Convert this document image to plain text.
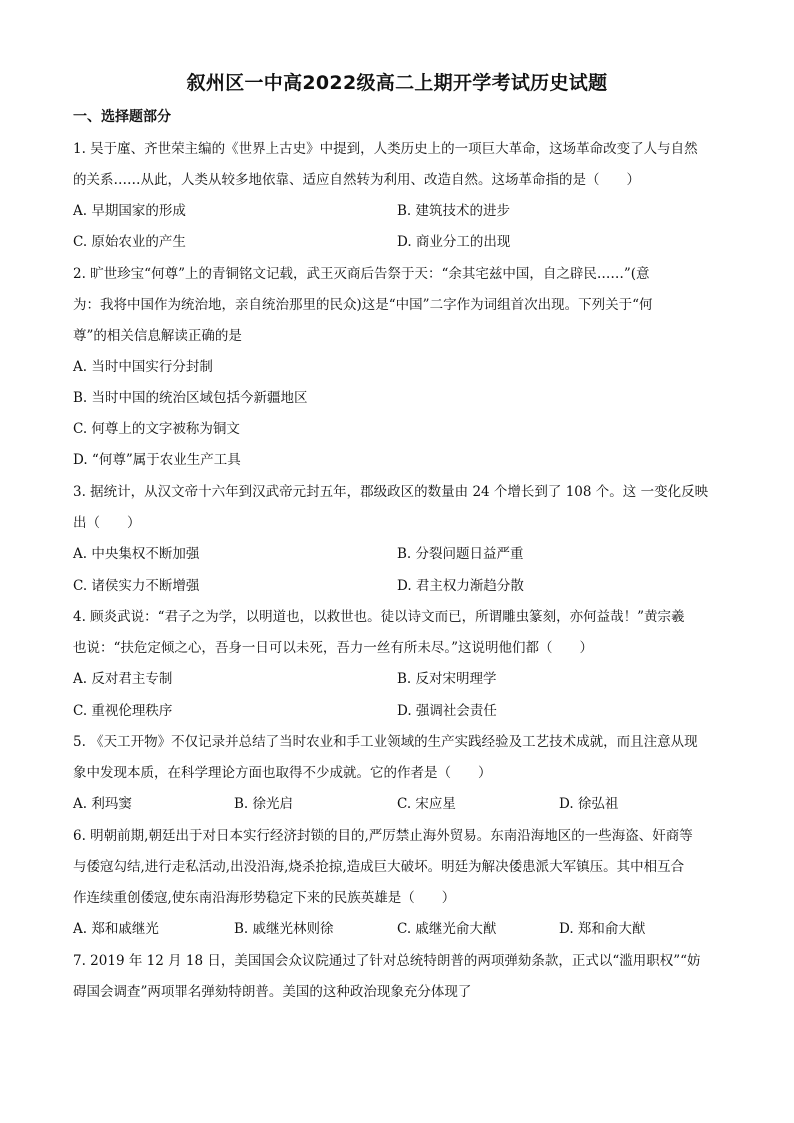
叙州区一中高2022级高二上期开学考试历史试题
一、选择题部分
1. 吴于廑、齐世荣主编的《世界上古史》中提到，人类历史上的一项巨大革命，这场革命改变了人与自然
的关系……从此，人类从较多地依靠、适应自然转为利用、改造自然。这场革命指的是（　　）
A. 早期国家的形成	B. 建筑技术的进步
C. 原始农业的产生	D. 商业分工的出现
2. 旷世珍宝“何尊”上的青铜铭文记载，武王灭商后告祭于天：“余其宅兹中国，自之辟民……”(意
为：我将中国作为统治地，亲自统治那里的民众)这是“中国”二字作为词组首次出现。下列关于“何
尊”的相关信息解读正确的是
A. 当时中国实行分封制
B. 当时中国的统治区域包括今新疆地区
C. 何尊上的文字被称为铜文
D. “何尊”属于农业生产工具
3. 据统计，从汉文帝十六年到汉武帝元封五年，郡级政区的数量由 24 个增长到了 108 个。这 一变化反映
出（　　）
A. 中央集权不断加强	B. 分裂问题日益严重
C. 诸侯实力不断增强	D. 君主权力渐趋分散
4. 顾炎武说：“君子之为学，以明道也，以救世也。徒以诗文而已，所谓雕虫篆刻，亦何益哉！”黄宗羲
也说：“扶危定倾之心，吾身一日可以未死，吾力一丝有所未尽。”这说明他们都（　　）
A. 反对君主专制	B. 反对宋明理学
C. 重视伦理秩序	D. 强调社会责任
5. 《天工开物》不仅记录并总结了当时农业和手工业领域的生产实践经验及工艺技术成就，而且注意从现
象中发现本质，在科学理论方面也取得不少成就。它的作者是（　　）
A. 利玛窦	B. 徐光启	C. 宋应星	D. 徐弘祖
6. 明朝前期,朝廷出于对日本实行经济封锁的目的,严厉禁止海外贸易。东南沿海地区的一些海盗、奸商等
与倭寇勾结,进行走私活动,出没沿海,烧杀抢掠,造成巨大破坏。明廷为解决倭患派大军镇压。其中相互合
作连续重创倭寇,使东南沿海形势稳定下来的民族英雄是（　　）
A. 郑和戚继光	B. 戚继光林则徐	C. 戚继光俞大猷	D. 郑和俞大猷
7. 2019 年 12 月 18 日，美国国会众议院通过了针对总统特朗普的两项弹劾条款，正式以“滥用职权”“妨
碍国会调查”两项罪名弹劾特朗普。美国的这种政治现象充分体现了
